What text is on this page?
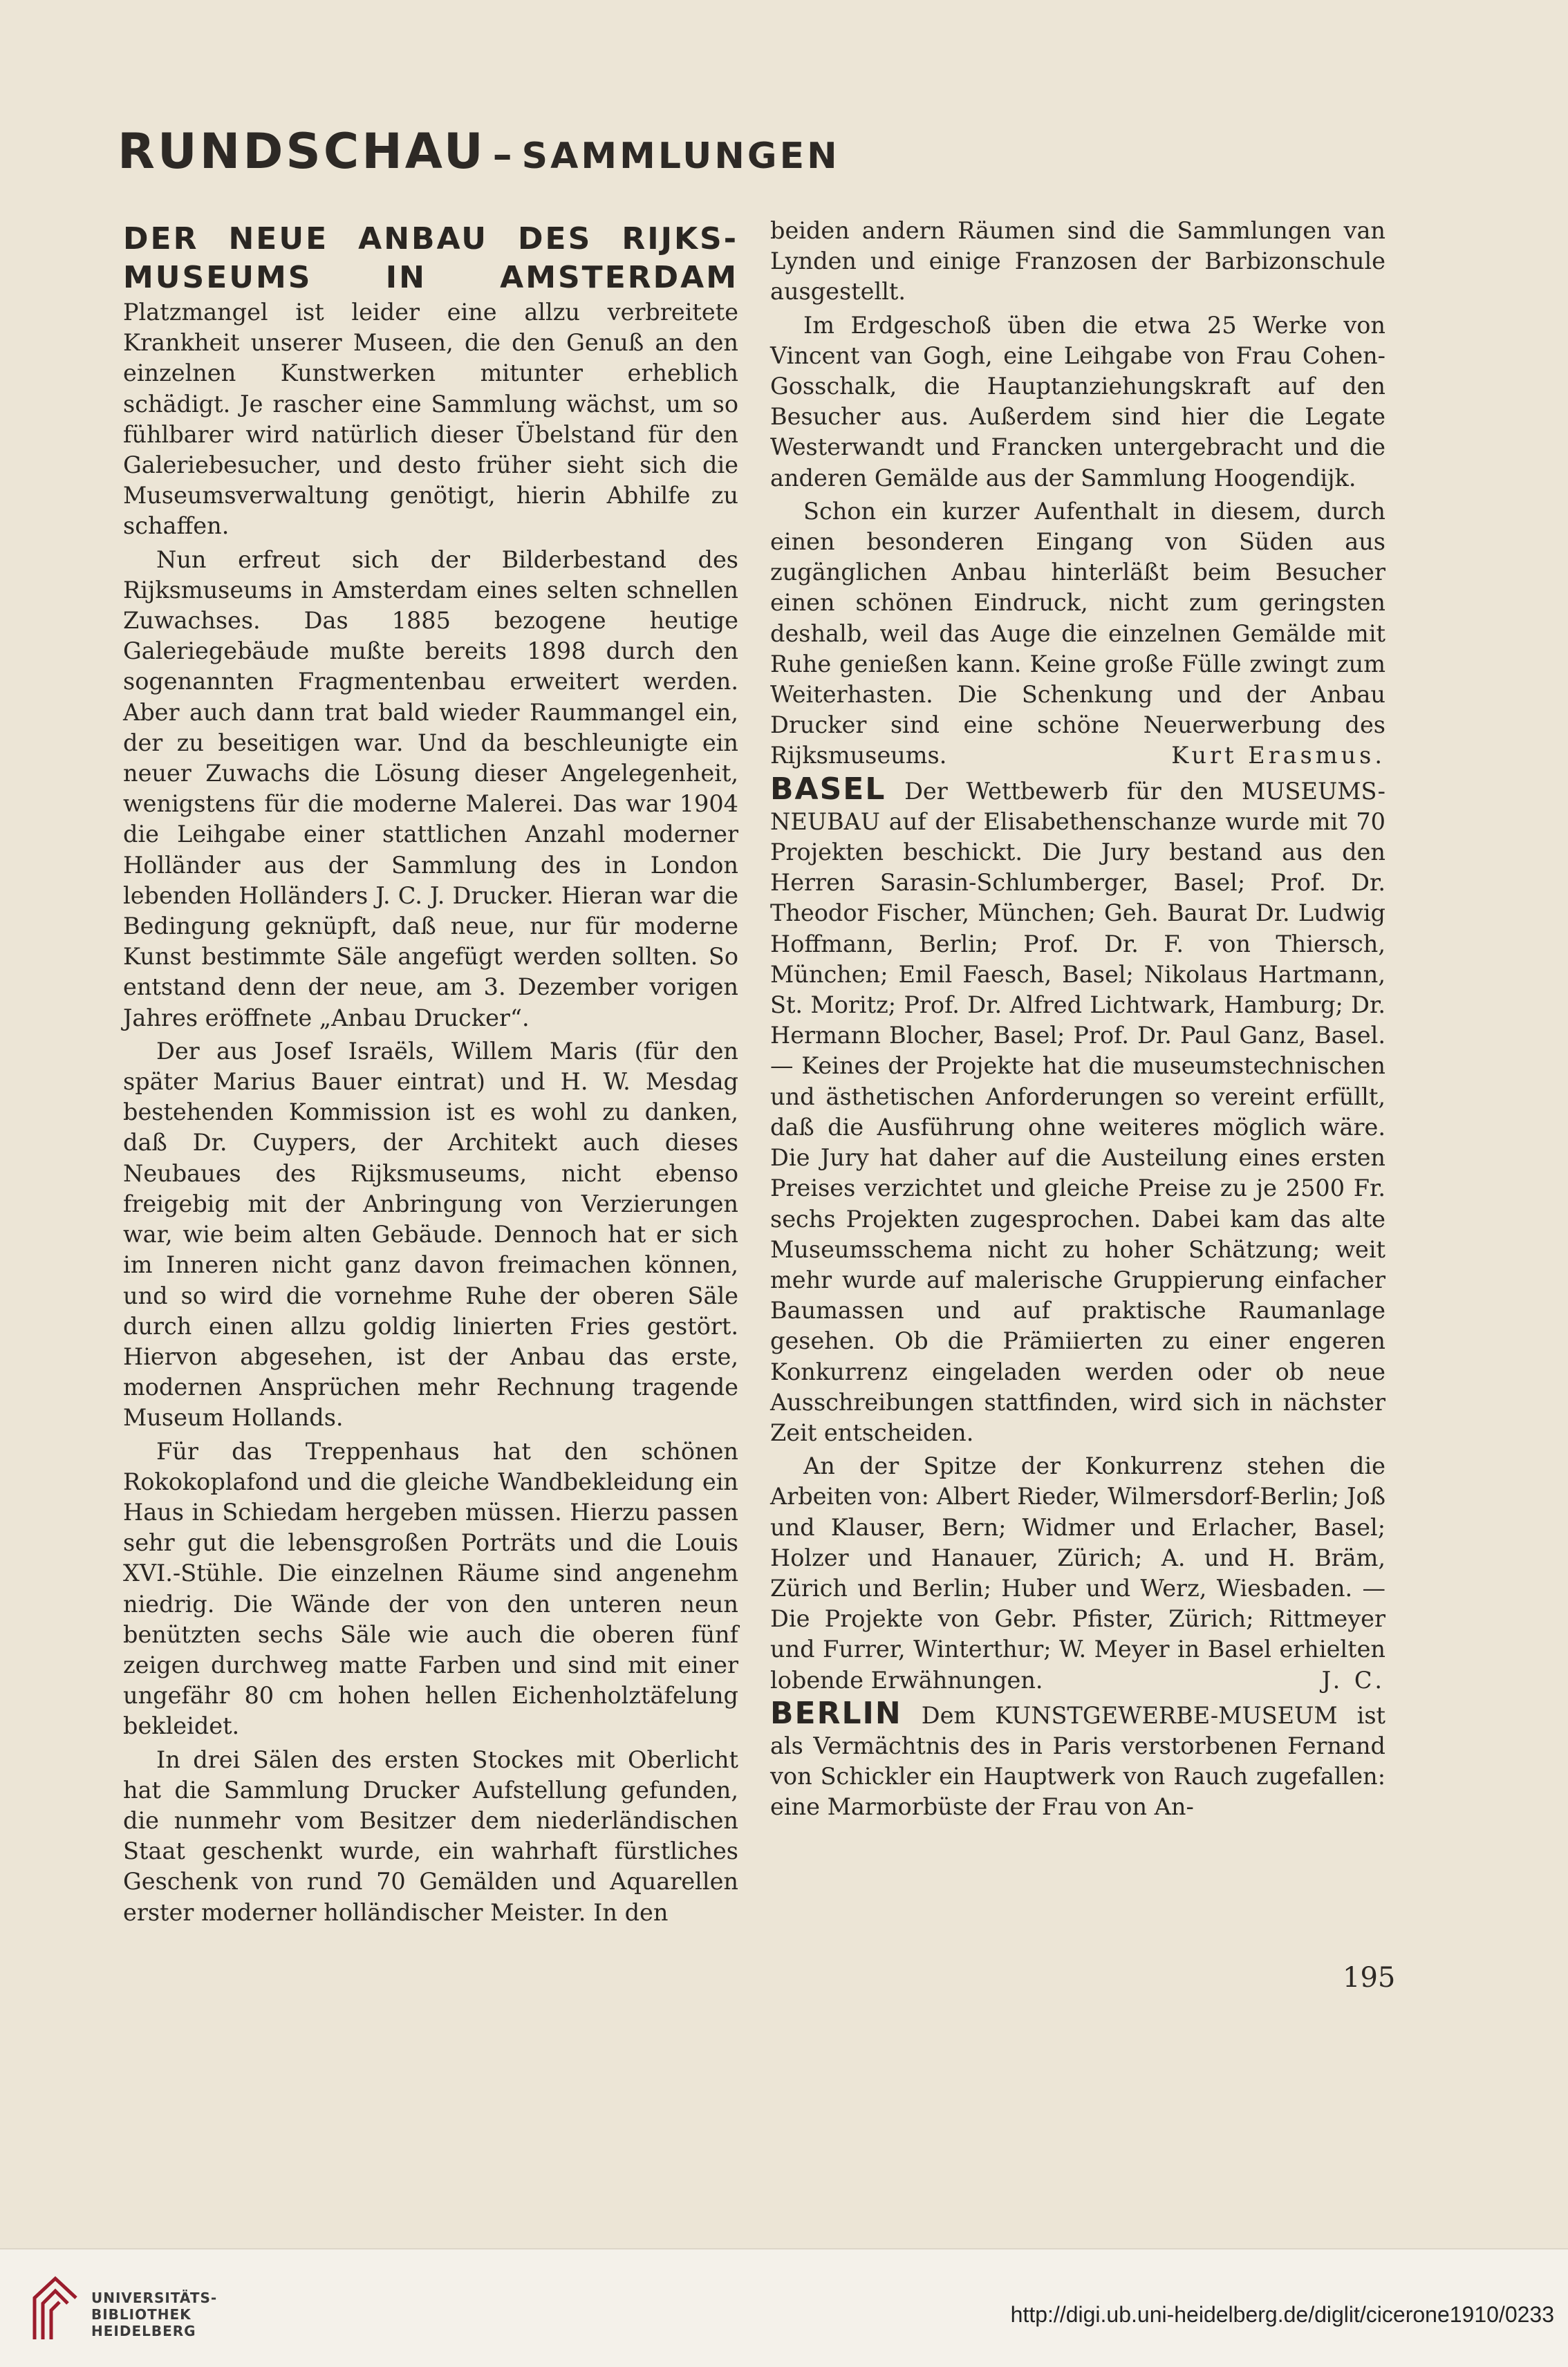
RUNDSCHAU – SAMMLUNGEN

DER NEUE ANBAU DES RIJKS- MUSEUMS IN AMSTERDAM Platzmangel ist leider eine allzu verbreitete Krankheit unserer Museen, die den Genuß an den einzelnen Kunstwerken mitunter erheblich schädigt. Je rascher eine Sammlung wächst, um so fühlbarer wird natürlich dieser Übelstand für den Galeriebesucher, und desto früher sieht sich die Museumsverwaltung genötigt, hierin Abhilfe zu schaffen.

Nun erfreut sich der Bilderbestand des Rijksmuseums in Amsterdam eines selten schnellen Zuwachses. Das 1885 bezogene heutige Galeriegebäude mußte bereits 1898 durch den sogenannten Fragmentenbau erweitert werden. Aber auch dann trat bald wieder Raummangel ein, der zu beseitigen war. Und da beschleunigte ein neuer Zuwachs die Lösung dieser Angelegenheit, wenigstens für die moderne Malerei. Das war 1904 die Leihgabe einer stattlichen Anzahl moderner Holländer aus der Sammlung des in London lebenden Holländers J. C. J. Drucker. Hieran war die Bedingung geknüpft, daß neue, nur für moderne Kunst bestimmte Säle angefügt werden sollten. So entstand denn der neue, am 3. Dezember vorigen Jahres eröffnete „Anbau Drucker“.

Der aus Josef Israëls, Willem Maris (für den später Marius Bauer eintrat) und H. W. Mesdag bestehenden Kommission ist es wohl zu danken, daß Dr. Cuypers, der Architekt auch dieses Neubaues des Rijksmuseums, nicht ebenso freigebig mit der Anbringung von Verzierungen war, wie beim alten Gebäude. Dennoch hat er sich im Inneren nicht ganz davon freimachen können, und so wird die vornehme Ruhe der oberen Säle durch einen allzu goldig linierten Fries gestört. Hiervon abgesehen, ist der Anbau das erste, modernen Ansprüchen mehr Rechnung tragende Museum Hollands.

Für das Treppenhaus hat den schönen Rokokoplafond und die gleiche Wandbekleidung ein Haus in Schiedam hergeben müssen. Hierzu passen sehr gut die lebensgroßen Porträts und die Louis XVI.-Stühle. Die einzelnen Räume sind angenehm niedrig. Die Wände der von den unteren neun benützten sechs Säle wie auch die oberen fünf zeigen durchweg matte Farben und sind mit einer ungefähr 80 cm hohen hellen Eichenholztäfelung bekleidet.

In drei Sälen des ersten Stockes mit Oberlicht hat die Sammlung Drucker Aufstellung gefunden, die nunmehr vom Besitzer dem niederländischen Staat geschenkt wurde, ein wahrhaft fürstliches Geschenk von rund 70 Gemälden und Aquarellen erster moderner holländischer Meister. In den

beiden andern Räumen sind die Sammlungen van Lynden und einige Franzosen der Barbizonschule ausgestellt.

Im Erdgeschoß üben die etwa 25 Werke von Vincent van Gogh, eine Leihgabe von Frau Cohen-Gosschalk, die Hauptanziehungskraft auf den Besucher aus. Außerdem sind hier die Legate Westerwandt und Francken untergebracht und die anderen Gemälde aus der Sammlung Hoogendijk.

Schon ein kurzer Aufenthalt in diesem, durch einen besonderen Eingang von Süden aus zugänglichen Anbau hinterläßt beim Besucher einen schönen Eindruck, nicht zum geringsten deshalb, weil das Auge die einzelnen Gemälde mit Ruhe genießen kann. Keine große Fülle zwingt zum Weiterhasten. Die Schenkung und der Anbau Drucker sind eine schöne Neuerwerbung des Rijksmuseums.	Kurt Erasmus.

BASEL Der Wettbewerb für den MUSEUMS-NEUBAU auf der Elisabethenschanze wurde mit 70 Projekten beschickt. Die Jury bestand aus den Herren Sarasin-Schlumberger, Basel; Prof. Dr. Theodor Fischer, München; Geh. Baurat Dr. Ludwig Hoffmann, Berlin; Prof. Dr. F. von Thiersch, München; Emil Faesch, Basel; Nikolaus Hartmann, St. Moritz; Prof. Dr. Alfred Lichtwark, Hamburg; Dr. Hermann Blocher, Basel; Prof. Dr. Paul Ganz, Basel. — Keines der Projekte hat die museumstechnischen und ästhetischen Anforderungen so vereint erfüllt, daß die Ausführung ohne weiteres möglich wäre. Die Jury hat daher auf die Austeilung eines ersten Preises verzichtet und gleiche Preise zu je 2500 Fr. sechs Projekten zugesprochen. Dabei kam das alte Museumsschema nicht zu hoher Schätzung; weit mehr wurde auf malerische Gruppierung einfacher Baumassen und auf praktische Raumanlage gesehen. Ob die Prämiierten zu einer engeren Konkurrenz eingeladen werden oder ob neue Ausschreibungen stattfinden, wird sich in nächster Zeit entscheiden.

An der Spitze der Konkurrenz stehen die Arbeiten von: Albert Rieder, Wilmersdorf-Berlin; Joß und Klauser, Bern; Widmer und Erlacher, Basel; Holzer und Hanauer, Zürich; A. und H. Bräm, Zürich und Berlin; Huber und Werz, Wiesbaden. — Die Projekte von Gebr. Pfister, Zürich; Rittmeyer und Furrer, Winterthur; W. Meyer in Basel erhielten lobende Erwähnungen.	J. C.

BERLIN Dem KUNSTGEWERBE-MUSEUM ist als Vermächtnis des in Paris verstorbenen Fernand von Schickler ein Hauptwerk von Rauch zugefallen: eine Marmorbüste der Frau von An-

195
UNIVERSITÄTS-
BIBLIOTHEK
HEIDELBERG
http://digi.ub.uni-heidelberg.de/diglit/cicerone1910/0233
